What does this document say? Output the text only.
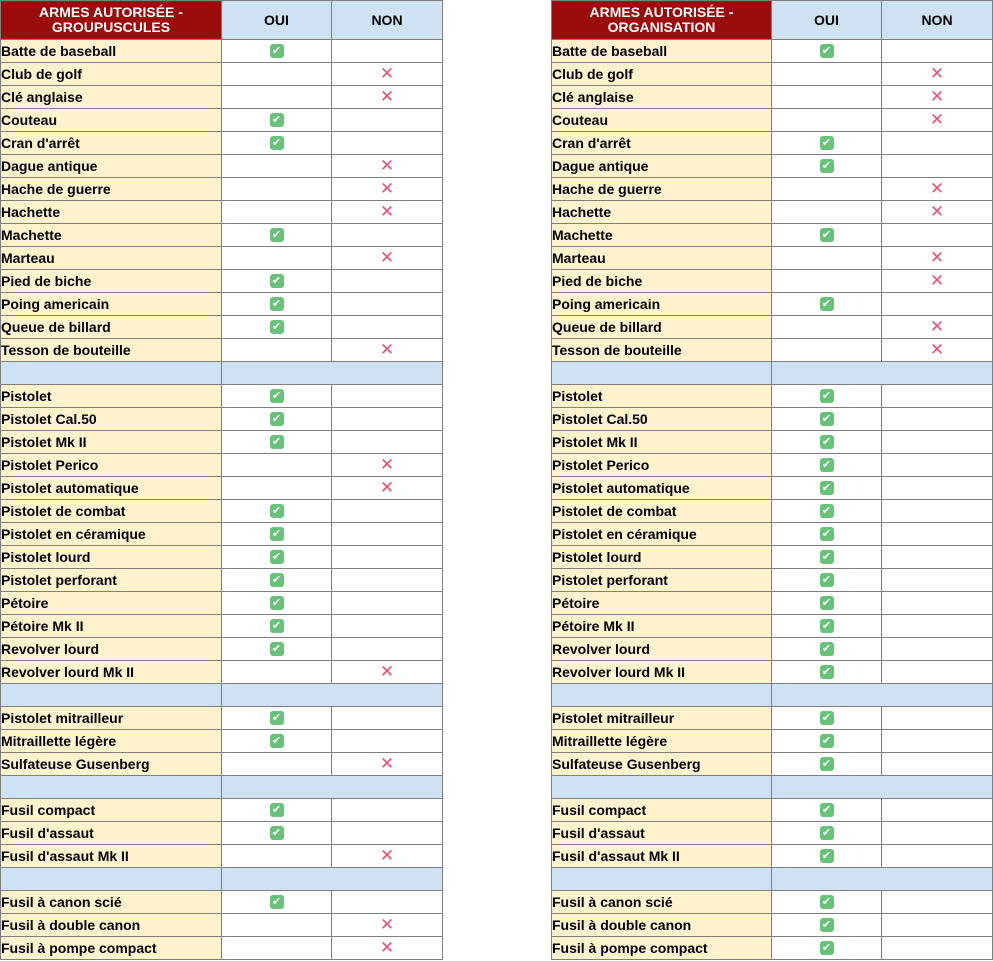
ARMES AUTORISÉE - GROUPUSCULES	OUI	NON
Batte de baseball	✔	
Club de golf		✕
Clé anglaise		✕
Couteau	✔	
Cran d'arrêt	✔	
Dague antique		✕
Hache de guerre		✕
Hachette		✕
Machette	✔	
Marteau		✕
Pied de biche	✔	
Poing americain	✔	
Queue de billard	✔	
Tesson de bouteille		✕

Pistolet	✔	
Pistolet Cal.50	✔	
Pistolet Mk II	✔	
Pistolet Perico		✕
Pistolet automatique		✕
Pistolet de combat	✔	
Pistolet en céramique	✔	
Pistolet lourd	✔	
Pistolet perforant	✔	
Pétoire	✔	
Pétoire Mk II	✔	
Revolver lourd	✔	
Revolver lourd Mk II		✕

Pistolet mitrailleur	✔	
Mitraillette légère	✔	
Sulfateuse Gusenberg		✕

Fusil compact	✔	
Fusil d'assaut	✔	
Fusil d'assaut Mk II		✕

Fusil à canon scié	✔	
Fusil à double canon		✕
Fusil à pompe compact		✕
ARMES AUTORISÉE - ORGANISATION	OUI	NON
Batte de baseball	✔	
Club de golf		✕
Clé anglaise		✕
Couteau		✕
Cran d'arrêt	✔	
Dague antique	✔	
Hache de guerre		✕
Hachette		✕
Machette	✔	
Marteau		✕
Pied de biche		✕
Poing americain	✔	
Queue de billard		✕
Tesson de bouteille		✕

Pistolet	✔	
Pistolet Cal.50	✔	
Pistolet Mk II	✔	
Pistolet Perico	✔	
Pistolet automatique	✔	
Pistolet de combat	✔	
Pistolet en céramique	✔	
Pistolet lourd	✔	
Pistolet perforant	✔	
Pétoire	✔	
Pétoire Mk II	✔	
Revolver lourd	✔	
Revolver lourd Mk II	✔	

Pistolet mitrailleur	✔	
Mitraillette légère	✔	
Sulfateuse Gusenberg	✔	

Fusil compact	✔	
Fusil d'assaut	✔	
Fusil d'assaut Mk II	✔	

Fusil à canon scié	✔	
Fusil à double canon	✔	
Fusil à pompe compact	✔	
